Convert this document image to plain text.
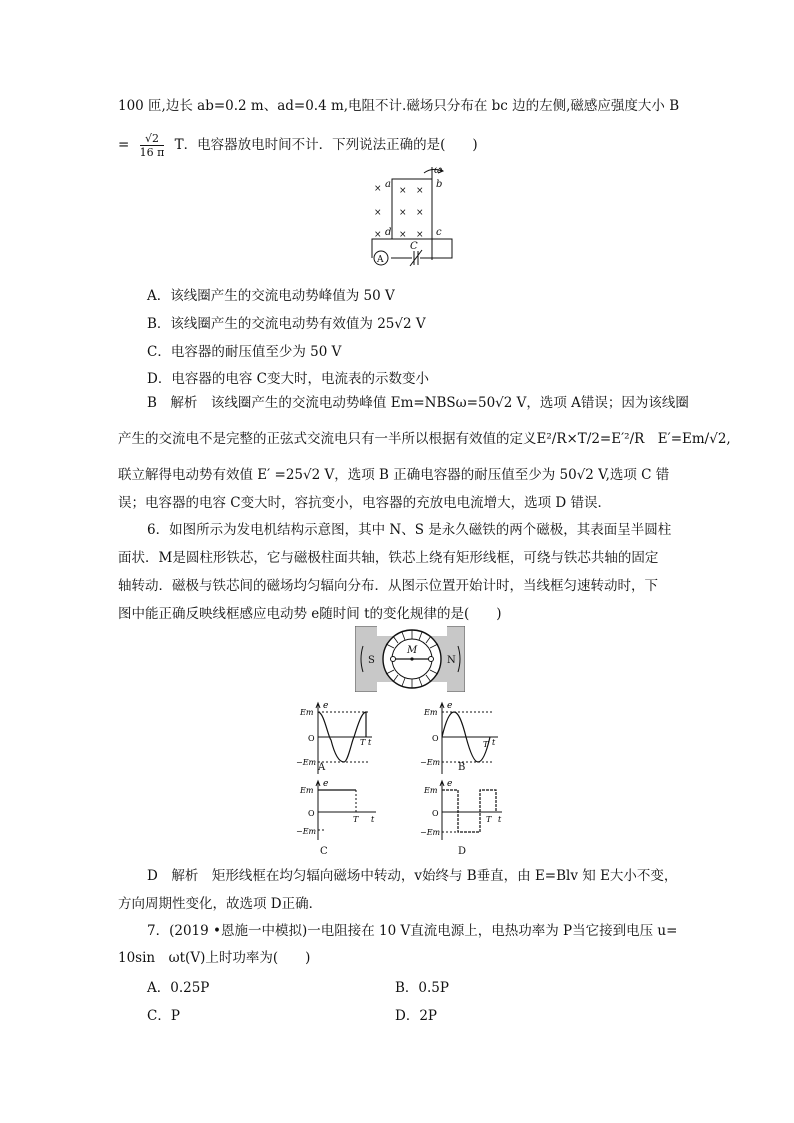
100 匝,边长 ab=0.2 m、ad=0.4 m,电阻不计.磁场只分布在 bc 边的左侧,磁感应强度大小 B
= $\frac{√2}{16 \pi}$ T．电容器放电时间不计．下列说法正确的是(　　)
×
×
×
× ×
× ×
× ×
a	b
c
d
ω
A
C
A．该线圈产生的交流电动势峰值为 50 V
B．该线圈产生的交流电动势有效值为 25√2 V
C．电容器的耐压值至少为 50 V
D．电容器的电容 C变大时，电流表的示数变小
B　解析　该线圈产生的交流电动势峰值 Em=NBSω=50√2 V，选项 A错误；因为该线圈
产生的交流电不是完整的正弦式交流电只有一半所以根据有效值的定义E²/R×T/2=E′²/R　E′=Em/√2,
联立解得电动势有效值 E′ =25√2 V，选项 B 正确电容器的耐压值至少为 50√2 V,选项 C 错
误；电容器的电容 C变大时，容抗变小，电容器的充放电电流增大，选项 D 错误．
6．如图所示为发电机结构示意图，其中 N、S 是永久磁铁的两个磁极，其表面呈半圆柱
面状．M是圆柱形铁芯，它与磁极柱面共轴，铁芯上绕有矩形线框，可绕与铁芯共轴的固定
轴转动．磁极与铁芯间的磁场均匀辐向分布．从图示位置开始计时，当线框匀速转动时，下
图中能正确反映线框感应电动势 e随时间 t的变化规律的是(　　)
S	N
M
e
Em
O
−Em
T t
A
e
Em
O
−Em
T t
B
e
Em
O
−Em
T t
C
e
Em
O
−Em
T t
D
D　解析　矩形线框在均匀辐向磁场中转动，v始终与 B垂直，由 E=Blv 知 E大小不变，
方向周期性变化，故选项 D正确．
7．(2019 •恩施一中模拟)一电阻接在 10 V直流电源上，电热功率为 P当它接到电压 u=
10sin　ωt(V)上时功率为(　　)
A．0.25P	B．0.5P
C．P	D．2P
